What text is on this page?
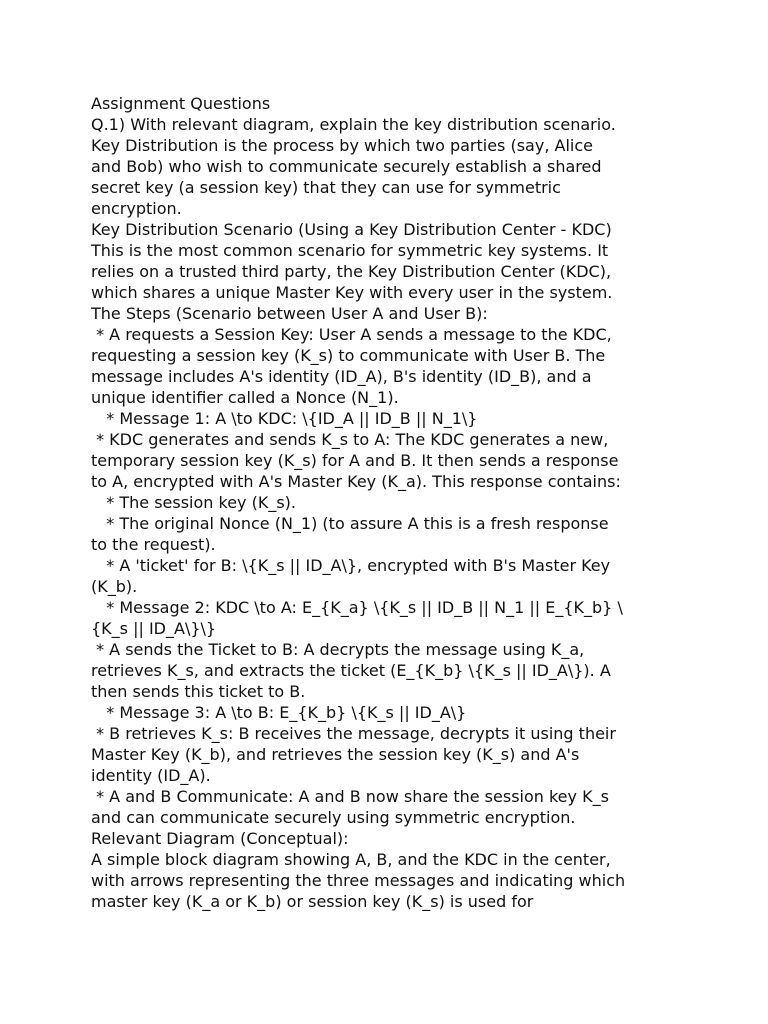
Assignment Questions
Q.1) With relevant diagram, explain the key distribution scenario.
Key Distribution is the process by which two parties (say, Alice
and Bob) who wish to communicate securely establish a shared
secret key (a session key) that they can use for symmetric
encryption.
Key Distribution Scenario (Using a Key Distribution Center - KDC)
This is the most common scenario for symmetric key systems. It
relies on a trusted third party, the Key Distribution Center (KDC),
which shares a unique Master Key with every user in the system.
The Steps (Scenario between User A and User B):
* A requests a Session Key: User A sends a message to the KDC,
requesting a session key (K_s) to communicate with User B. The
message includes A's identity (ID_A), B's identity (ID_B), and a
unique identifier called a Nonce (N_1).
* Message 1: A \to KDC: \{ID_A || ID_B || N_1\}
* KDC generates and sends K_s to A: The KDC generates a new,
temporary session key (K_s) for A and B. It then sends a response
to A, encrypted with A's Master Key (K_a). This response contains:
* The session key (K_s).
* The original Nonce (N_1) (to assure A this is a fresh response
to the request).
* A 'ticket' for B: \{K_s || ID_A\}, encrypted with B's Master Key
(K_b).
* Message 2: KDC \to A: E_{K_a} \{K_s || ID_B || N_1 || E_{K_b} \
{K_s || ID_A\}\}
* A sends the Ticket to B: A decrypts the message using K_a,
retrieves K_s, and extracts the ticket (E_{K_b} \{K_s || ID_A\}). A
then sends this ticket to B.
* Message 3: A \to B: E_{K_b} \{K_s || ID_A\}
* B retrieves K_s: B receives the message, decrypts it using their
Master Key (K_b), and retrieves the session key (K_s) and A's
identity (ID_A).
* A and B Communicate: A and B now share the session key K_s
and can communicate securely using symmetric encryption.
Relevant Diagram (Conceptual):
A simple block diagram showing A, B, and the KDC in the center,
with arrows representing the three messages and indicating which
master key (K_a or K_b) or session key (K_s) is used for
